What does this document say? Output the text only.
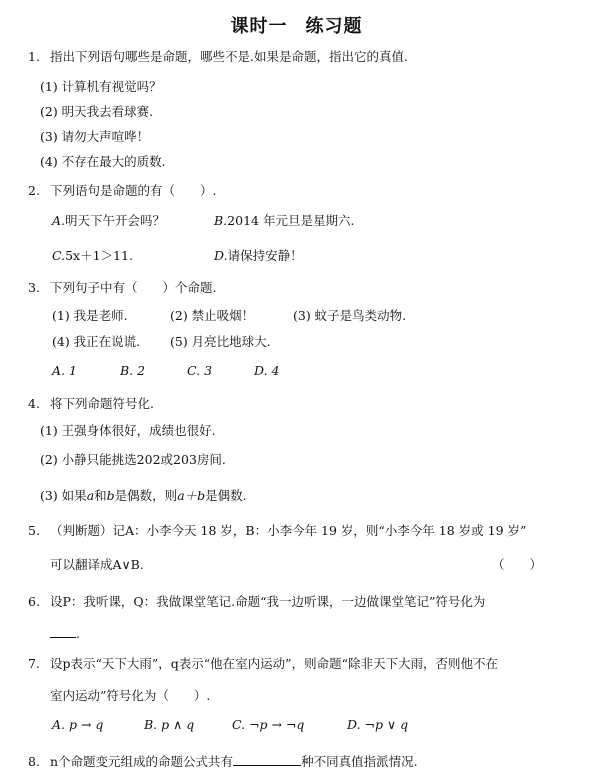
课时一 练习题
1. 指出下列语句哪些是命题，哪些不是.如果是命题，指出它的真值.
(1) 计算机有视觉吗？
(2) 明天我去看球赛.
(3) 请勿大声喧哗！
(4) 不存在最大的质数.
2. 下列语句是命题的有（　　）.
A.明天下午开会吗？	B.2014 年元旦是星期六.
C.5x＋1＞11.	D.请保持安静！
3. 下列句子中有（　　）个命题.
(1) 我是老师.	(2) 禁止吸烟！	(3) 蚊子是鸟类动物.
(4) 我正在说谎. (5) 月亮比地球大.
A. 1	B. 2	C. 3	D. 4
4. 将下列命题符号化.
(1) 王强身体很好，成绩也很好.
(2) 小静只能挑选202或203房间.
(3) 如果a和b是偶数，则a＋b是偶数.
5. （判断题）记A：小李今天 18 岁，B：小李今年 19 岁，则“小李今年 18 岁或 19 岁”
可以翻译成A∨B.	（　　）
6. 设P：我听课，Q：我做课堂笔记.命题“我一边听课，一边做课堂笔记”符号化为
.
7. 设p表示“天下大雨”，q表示“他在室内运动”，则命题“除非天下大雨，否则他不在
室内运动”符号化为（　　）.
A. p → q	B. p ∧ q	C. ¬p → ¬q	D. ¬p ∨ q
8. n个命题变元组成的命题公式共有	种不同真值指派情况.
